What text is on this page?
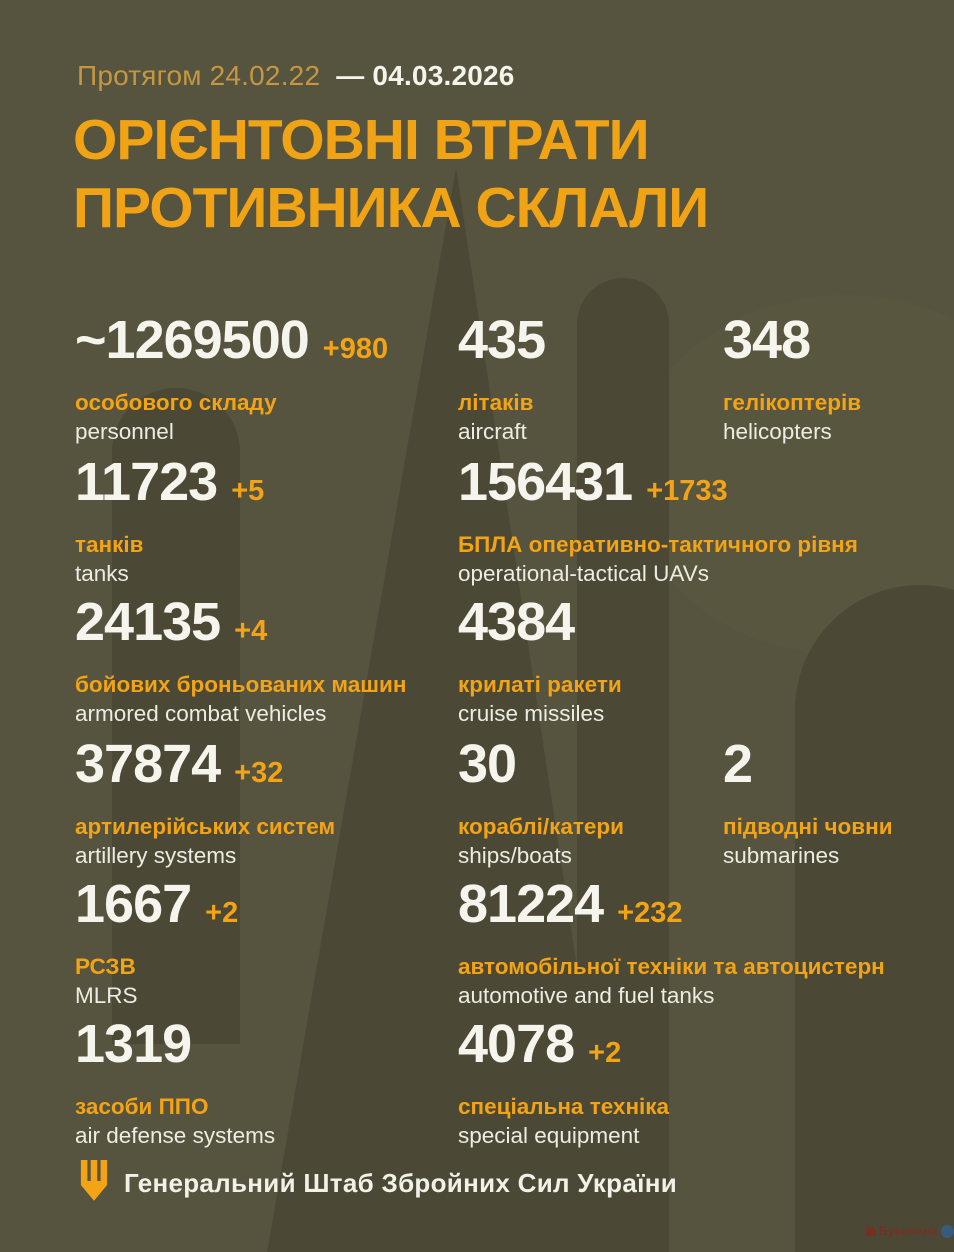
Протягом 24.02.22 — 04.03.2026
ОРІЄНТОВНІ ВТРАТИ
ПРОТИВНИКА СКЛАЛИ
~1269500 +980
особового складу
personnel
435
літаків
aircraft
348
гелікоптерів
helicopters
11723 +5
танків
tanks
156431 +1733
БПЛА оперативно-тактичного рівня
operational-tactical UAVs
24135 +4
бойових броньованих машин
armored combat vehicles
4384
крилаті ракети
cruise missiles
37874 +32
артилерійських систем
artillery systems
30
кораблі/катери
ships/boats
2
підводні човни
submarines
1667 +2
РСЗВ
MLRS
81224 +232
автомобільної техніки та автоцистерн
automotive and fuel tanks
1319
засоби ППО
air defense systems
4078 +2
спеціальна техніка
special equipment
Генеральний Штаб Збройних Сил України
Буковина
